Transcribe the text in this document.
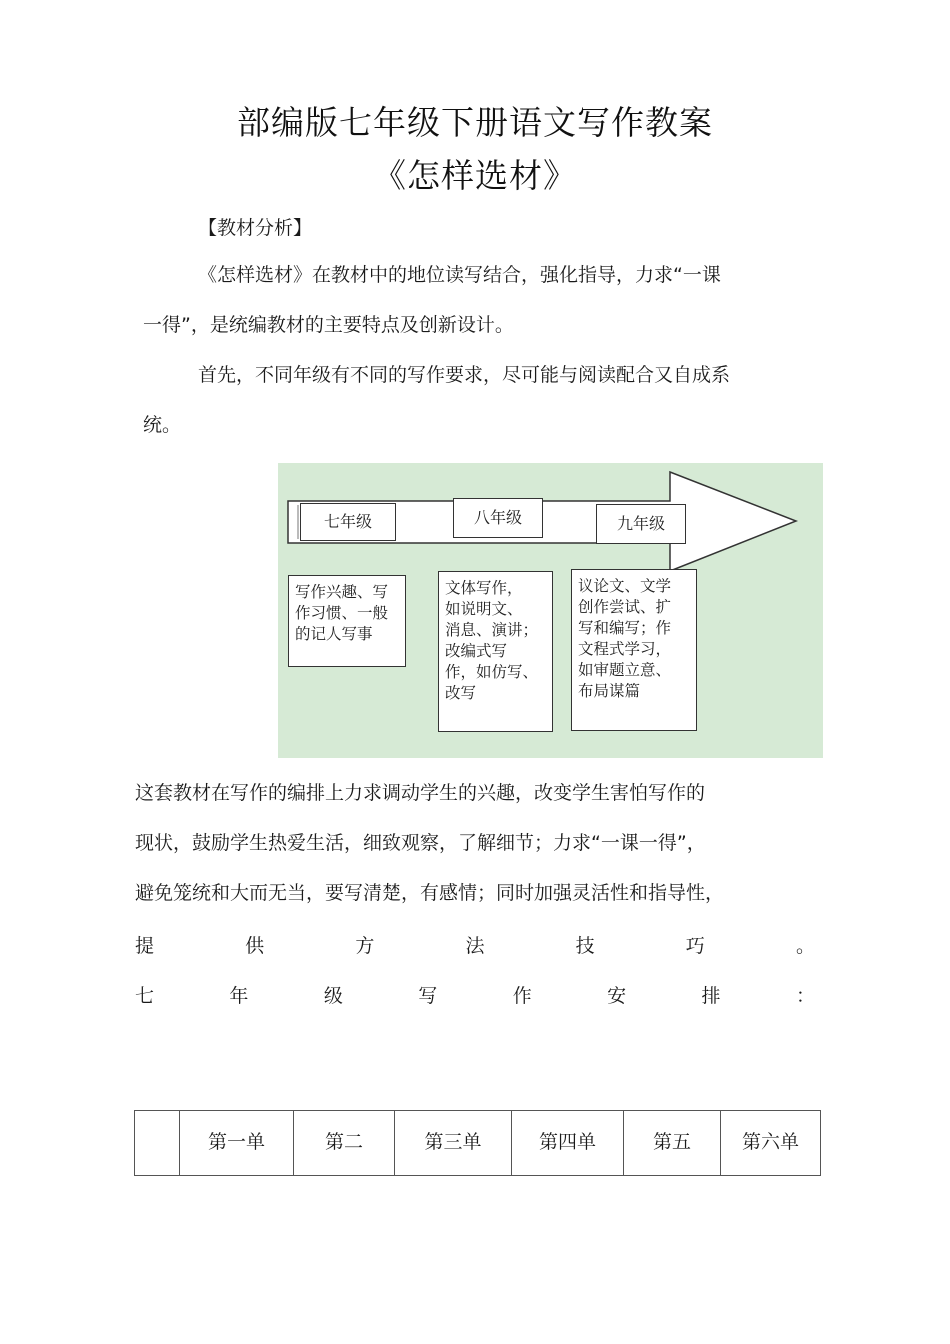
部编版七年级下册语文写作教案
《怎样选材》
【教材分析】
《怎样选材》在教材中的地位读写结合，强化指导，力求“一课
一得”，是统编教材的主要特点及创新设计。
首先，不同年级有不同的写作要求，尽可能与阅读配合又自成系
统。
七年级	八年级	九年级
写作兴趣、写
作习惯、一般
的记人写事
文体写作，
如说明文、
消息、演讲；
改编式写
作，如仿写、
改写
议论文、文学
创作尝试、扩
写和编写；作
文程式学习，
如审题立意、
布局谋篇
这套教材在写作的编排上力求调动学生的兴趣，改变学生害怕写作的
现状，鼓励学生热爱生活，细致观察，了解细节；力求“一课一得”，
避免笼统和大而无当，要写清楚，有感情；同时加强灵活性和指导性，
提	供	方	法	技	巧	。
七	年	级	写	作	安	排	：
	第一单	第二	第三单	第四单	第五	第六单
